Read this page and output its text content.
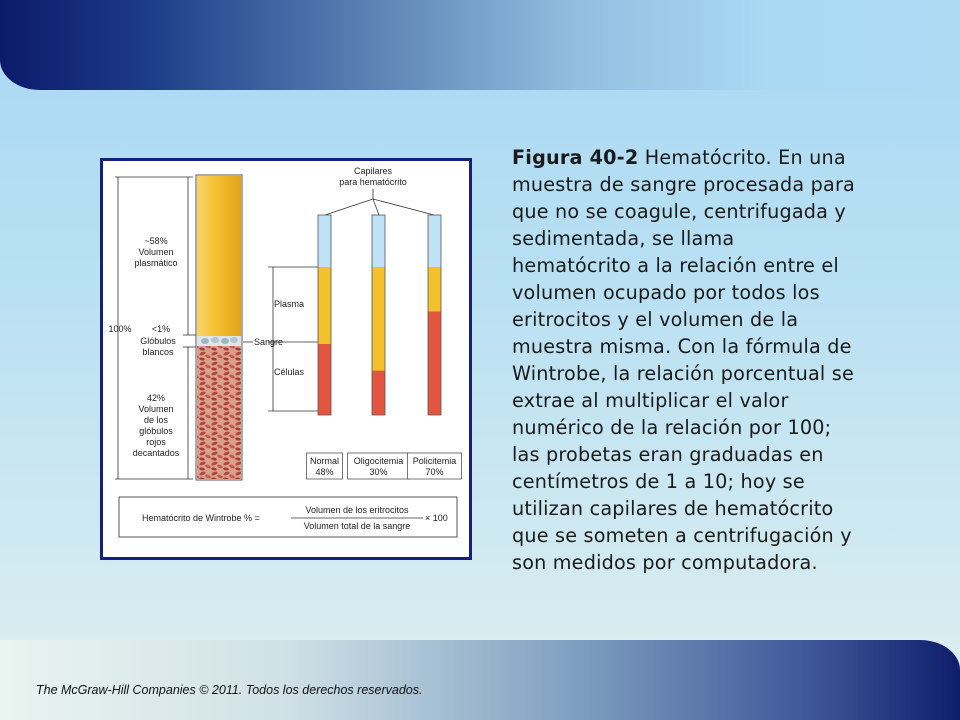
~58%
Volumen
plasmático
100% <1%
Glóbulos
blancos
42%
Volumen
de los
glóbulos
rojos
decantados
Capilares
para hematócrito
Sangre
Plasma
Células
Normal
48%
Oligocitemia
30%
Policitemia
70%
Hematócrito de Wintrobe % =
Volumen de los eritrocitos
Volumen total de la sangre
× 100
Figura 40-2 Hematócrito. En una muestra de sangre procesada para que no se coagule, centrifugada y sedimentada, se llama hematócrito a la relación entre el volumen ocupado por todos los eritrocitos y el volumen de la muestra misma. Con la fórmula de Wintrobe, la relación porcentual se extrae al multiplicar el valor numérico de la relación por 100; las probetas eran graduadas en centímetros de 1 a 10; hoy se utilizan capilares de hematócrito que se someten a centrifugación y son medidos por computadora.
The McGraw-Hill Companies © 2011. Todos los derechos reservados.
